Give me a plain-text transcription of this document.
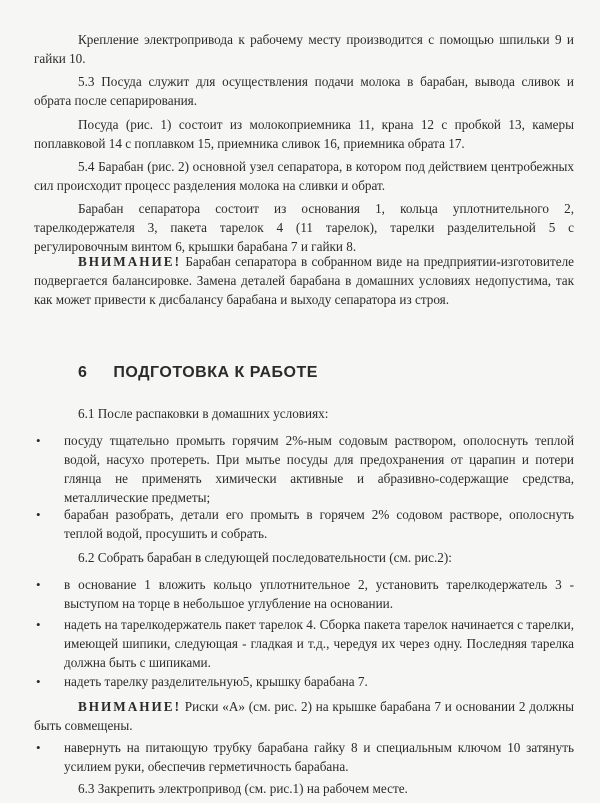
Крепление электропривода к рабочему месту производится с помощью шпильки 9 и гайки 10.

5.3 Посуда служит для осуществления подачи молока в барабан, вывода сливок и обрата после сепарирования.

Посуда (рис. 1) состоит из молокоприемника 11, крана 12 с пробкой 13, камеры поплавковой 14 с поплавком 15, приемника сливок 16, приемника обрата 17.

5.4 Барабан (рис. 2) основной узел сепаратора, в котором под действием центробежных сил происходит процесс разделения молока на сливки и обрат.

Барабан сепаратора состоит из основания 1, кольца уплотнительного 2, тарелкодержателя 3, пакета тарелок 4 (11 тарелок), тарелки разделительной 5 с регулировочным винтом 6, крышки барабана 7 и гайки 8.

ВНИМАНИЕ! Барабан сепаратора в собранном виде на предприятии-изготовителе подвергается балансировке. Замена деталей барабана в домашних условиях недопустима, так как может привести к дисбалансу барабана и выходу сепаратора из строя.

6 ПОДГОТОВКА К РАБОТЕ

6.1 После распаковки в домашних условиях:

• посуду тщательно промыть горячим 2%-ным содовым раствором, ополоснуть теплой водой, насухо протереть. При мытье посуды для предохранения от царапин и потери глянца не применять химически активные и абразивно-содержащие средства, металлические предметы;

• барабан разобрать, детали его промыть в горячем 2% содовом растворе, ополоснуть теплой водой, просушить и собрать.

6.2 Собрать барабан в следующей последовательности (см. рис.2):

• в основание 1 вложить кольцо уплотнительное 2, установить тарелкодержатель 3 - выступом на торце в небольшое углубление на основании.

• надеть на тарелкодержатель пакет тарелок 4. Сборка пакета тарелок начинается с тарелки, имеющей шипики, следующая - гладкая и т.д., чередуя их через одну. Последняя тарелка должна быть с шипиками.

• надеть тарелку разделительную5, крышку барабана 7.

ВНИМАНИЕ! Риски «А» (см. рис. 2) на крышке барабана 7 и основании 2 должны быть совмещены.

• навернуть на питающую трубку барабана гайку 8 и специальным ключом 10 затянуть усилием руки, обеспечив герметичность барабана.

6.3 Закрепить электропривод (см. рис.1) на рабочем месте.
